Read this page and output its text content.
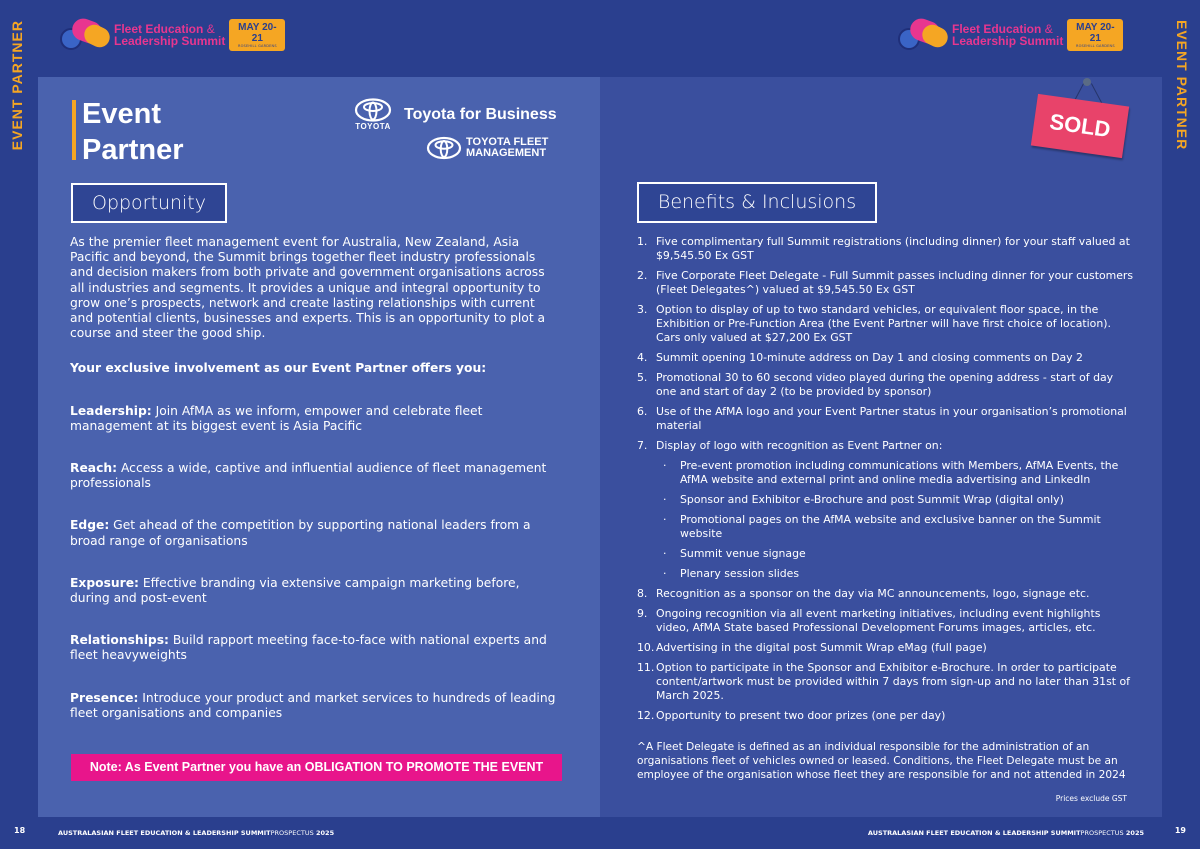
EVENT PARTNER
18
EVENT PARTNER
19
Fleet Education &
Leadership Summit
MAY 20-21
ROSEHILL GARDENS
Fleet Education &
Leadership Summit
MAY 20-21
ROSEHILL GARDENS
AUSTRALASIAN FLEET EDUCATION & LEADERSHIP SUMMITPROSPECTUS 2025	AUSTRALASIAN FLEET EDUCATION & LEADERSHIP SUMMITPROSPECTUS 2025
Event
Partner
TOYOTA
Toyota for Business
TOYOTA FLEET
MANAGEMENT
Opportunity

As the premier fleet management event for Australia, New Zealand, Asia Pacific and beyond, the Summit brings together fleet industry professionals and decision makers from both private and government organisations across all industries and segments. It provides a unique and integral opportunity to grow one’s prospects, network and create lasting relationships with current and potential clients, businesses and experts. This is an opportunity to plot a course and steer the good ship.

Your exclusive involvement as our Event Partner offers you:

Leadership: Join AfMA as we inform, empower and celebrate fleet management at its biggest event is Asia Pacific

Reach: Access a wide, captive and influential audience of fleet management professionals

Edge: Get ahead of the competition by supporting national leaders from a broad range of organisations

Exposure: Effective branding via extensive campaign marketing before, during and post-event

Relationships: Build rapport meeting face-to-face with national experts and fleet heavyweights

Presence: Introduce your product and market services to hundreds of leading fleet organisations and companies

Note: As Event Partner you have an OBLIGATION TO PROMOTE THE EVENT
SOLD
Benefits & Inclusions
1. Five complimentary full Summit registrations (including dinner) for your staff valued at $9,545.50 Ex GST
2. Five Corporate Fleet Delegate - Full Summit passes including dinner for your customers (Fleet Delegates^) valued at $9,545.50 Ex GST
3. Option to display of up to two standard vehicles, or equivalent floor space, in the Exhibition or Pre-Function Area (the Event Partner will have first choice of location). Cars only valued at $27,200 Ex GST
4. Summit opening 10-minute address on Day 1 and closing comments on Day 2
5. Promotional 30 to 60 second video played during the opening address - start of day one and start of day 2 (to be provided by sponsor)
6. Use of the AfMA logo and your Event Partner status in your organisation’s promotional material
7. Display of logo with recognition as Event Partner on:
· Pre-event promotion including communications with Members, AfMA Events, the AfMA website and external print and online media advertising and LinkedIn
· Sponsor and Exhibitor e-Brochure and post Summit Wrap (digital only)
· Promotional pages on the AfMA website and exclusive banner on the Summit website
· Summit venue signage
· Plenary session slides
8. Recognition as a sponsor on the day via MC announcements, logo, signage etc.
9. Ongoing recognition via all event marketing initiatives, including event highlights video, AfMA State based Professional Development Forums images, articles, etc.
10. Advertising in the digital post Summit Wrap eMag (full page)
11. Option to participate in the Sponsor and Exhibitor e-Brochure. In order to participate content/artwork must be provided within 7 days from sign-up and no later than 31st of March 2025.
12. Opportunity to present two door prizes (one per day)

^A Fleet Delegate is defined as an individual responsible for the administration of an organisations fleet of vehicles owned or leased. Conditions, the Fleet Delegate must be an employee of the organisation whose fleet they are responsible for and not attended in 2024

Prices exclude GST
